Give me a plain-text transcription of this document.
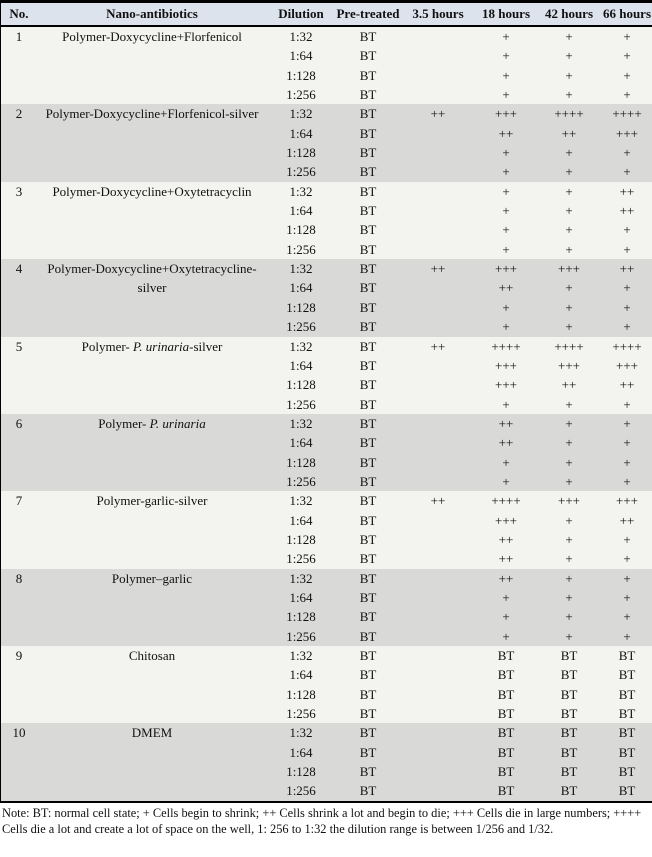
No.	Nano-antibiotics	Dilution	Pre-treated	3.5 hours	18 hours	42 hours	66 hours
1	Polymer-Doxycycline+Florfenicol	1:32	BT		+	+	+
		1:64	BT		+	+	+
		1:128	BT		+	+	+
		1:256	BT		+	+	+
2	Polymer-Doxycycline+Florfenicol-silver	1:32	BT	++	+++	++++	++++
		1:64	BT		++	++	+++
		1:128	BT		+	+	+
		1:256	BT		+	+	+
3	Polymer-Doxycycline+Oxytetracyclin	1:32	BT		+	+	++
		1:64	BT		+	+	++
		1:128	BT		+	+	+
		1:256	BT		+	+	+
4	Polymer-Doxycycline+Oxytetracycline-silver	1:32	BT	++	+++	+++	++
		1:64	BT		++	+	+
		1:128	BT		+	+	+
		1:256	BT		+	+	+
5	Polymer- P. urinaria-silver	1:32	BT	++	++++	++++	++++
		1:64	BT		+++	+++	+++
		1:128	BT		+++	++	++
		1:256	BT		+	+	+
6	Polymer- P. urinaria	1:32	BT		++	+	+
		1:64	BT		++	+	+
		1:128	BT		+	+	+
		1:256	BT		+	+	+
7	Polymer-garlic-silver	1:32	BT	++	++++	+++	+++
		1:64	BT		+++	+	++
		1:128	BT		++	+	+
		1:256	BT		++	+	+
8	Polymer–garlic	1:32	BT		++	+	+
		1:64	BT		+	+	+
		1:128	BT		+	+	+
		1:256	BT		+	+	+
9	Chitosan	1:32	BT		BT	BT	BT
		1:64	BT		BT	BT	BT
		1:128	BT		BT	BT	BT
		1:256	BT		BT	BT	BT
10	DMEM	1:32	BT		BT	BT	BT
		1:64	BT		BT	BT	BT
		1:128	BT		BT	BT	BT
		1:256	BT		BT	BT	BT
Note: BT: normal cell state; + Cells begin to shrink; ++ Cells shrink a lot and begin to die; +++ Cells die in large numbers; ++++ Cells die a lot and create a lot of space on the well, 1: 256 to 1:32 the dilution range is between 1/256 and 1/32.
